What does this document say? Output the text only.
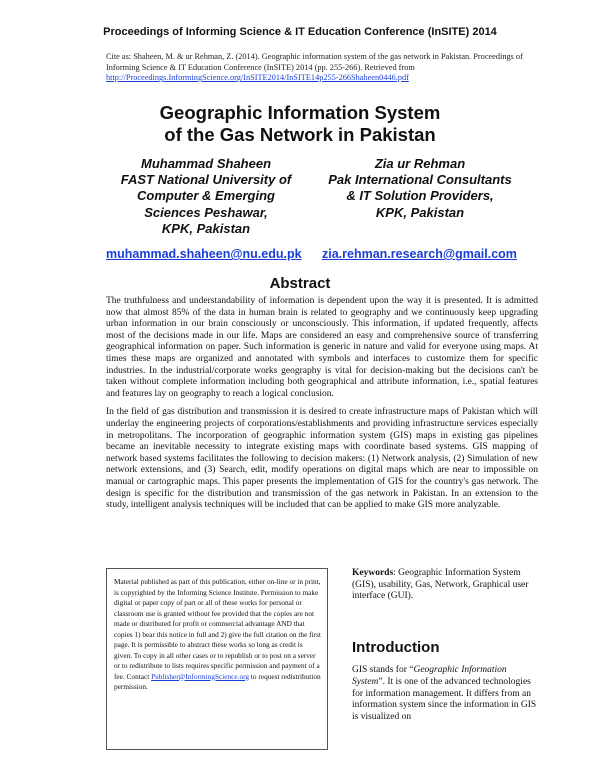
Proceedings of Informing Science & IT Education Conference (InSITE) 2014
Cite as: Shaheen, M. & ur Rehman, Z. (2014). Geographic information system of the gas network in Pakistan. Proceedings of Informing Science & IT Education Conference (InSITE) 2014 (pp. 255-266). Retrieved from http://Proceedings.InformingScience.org/InSITE2014/InSITE14p255-266Shaheen0446.pdf
Geographic Information System
of the Gas Network in Pakistan
Muhammad Shaheen
FAST National University of
Computer & Emerging
Sciences Peshawar,
KPK, Pakistan
Zia ur Rehman
Pak International Consultants
& IT Solution Providers,
KPK, Pakistan
muhammad.shaheen@nu.edu.pk zia.rehman.research@gmail.com
Abstract

The truthfulness and understandability of information is dependent upon the way it is presented. It is admitted now that almost 85% of the data in human brain is related to geography and we continuously keep upgrading urban information in our brain consciously or unconsciously. This information, if updated frequently, affects most of the decisions made in our life. Maps are considered an easy and comprehensive source of transferring geographical information on paper. Such information is generic in nature and valid for everyone using maps. At times these maps are organized and annotated with symbols and interfaces to customize them for specific industries. In the industrial/corporate works geography is vital for decision-making but the decisions can't be taken without complete information including both geographical and attribute information, i.e., spatial features and features lay on geography to reach a logical conclusion.

In the field of gas distribution and transmission it is desired to create infrastructure maps of Pakistan which will underlay the engineering projects of corporations/establishments and providing infrastructure services especially in metropolitans. The incorporation of geographic information system (GIS) maps in existing gas pipelines became an inevitable necessity to integrate existing maps with coordinate based systems. GIS mapping of network based systems facilitates the following to decision makers: (1) Network analysis, (2) Simulation of new network extensions, and (3) Search, edit, modify operations on digital maps which are near to impossible on manual or cartographic maps. This paper presents the implementation of GIS for the country's gas network. The design is specific for the distribution and transmission of the gas network in Pakistan. In an extension to the study, intelligent analysis techniques will be included that can be applied to make GIS more analyzable.

Material published as part of this publication, either on-line or in print, is copyrighted by the Informing Science Institute. Permission to make digital or paper copy of part or all of these works for personal or classroom use is granted without fee provided that the copies are not made or distributed for profit or commercial advantage AND that copies 1) bear this notice in full and 2) give the full citation on the first page. It is permissible to abstract these works so long as credit is given. To copy in all other cases or to republish or to post on a server or to redistribute to lists requires specific permission and payment of a fee. Contact Publisher@InformingScience.org to request redistribution permission.
Keywords: Geographic Information System (GIS), usability, Gas, Network, Graphical user interface (GUI).
Introduction

GIS stands for “Geographic Information System”. It is one of the advanced technologies for information management. It differs from an information system since the information in GIS is visualized on
